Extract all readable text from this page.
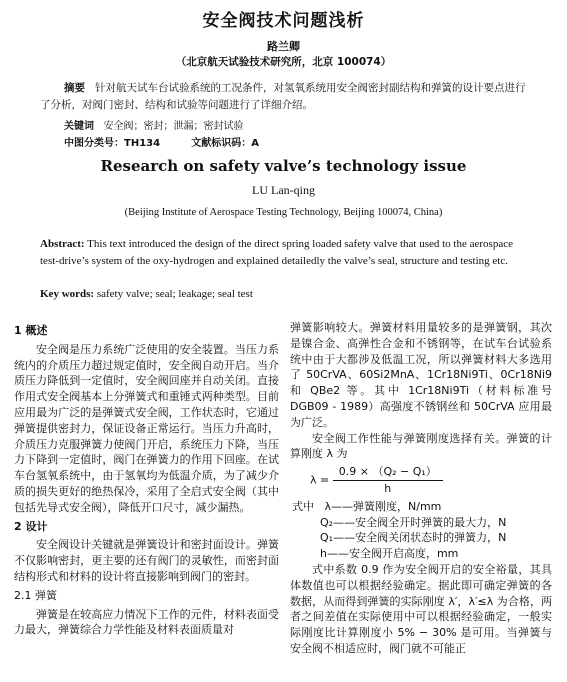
安全阀技术问题浅析
路兰卿
（北京航天试验技术研究所，北京 100074）
摘要 针对航天试车台试验系统的工况条件，对氢氧系统用安全阀密封副结构和弹簧的设计要点进行了分析，对阀门密封、结构和试验等问题进行了详细介绍。
关键词 安全阀；密封；泄漏；密封试验
中图分类号：TH134	文献标识码：A
Research on safety valve’s technology issue
LU Lan-qing
(Beijing Institute of Aerospace Testing Technology, Beijing 100074, China)
Abstract: This text introduced the design of the direct spring loaded safety valve that used to the aerospace test-drive’s system of the oxy-hydrogen and explained detailedly the valve’s seal, structure and testing etc.
Key words: safety valve; seal; leakage; seal test
1 概述

安全阀是压力系统广泛使用的安全装置。当压力系统内的介质压力超过规定值时，安全阀自动开启。当介质压力降低到一定值时，安全阀回座并自动关闭。直接作用式安全阀基本上分弹簧式和重锤式两种类型。目前应用最为广泛的是弹簧式安全阀，工作状态时，它通过弹簧提供密封力，保证设备正常运行。当压力升高时，介质压力克服弹簧力使阀门开启，系统压力下降，当压力下降到一定值时，阀门在弹簧力的作用下回座。在试车台氢氧系统中，由于氢氧均为低温介质，为了减少介质的损失更好的绝热保冷，采用了全启式安全阀（其中包括先导式安全阀），降低开口尺寸，减少漏热。

2 设计

安全阀设计关键就是弹簧设计和密封面设计。弹簧不仅影响密封，更主要的还有阀门的灵敏性，而密封面结构形式和材料的设计将直接影响到阀门的密封。

2.1 弹簧

弹簧是在较高应力情况下工作的元件，材料表面受力最大，弹簧综合力学性能及材料表面质量对

弹簧影响较大。弹簧材料用量较多的是弹簧钢，其次是镍合金、高弹性合金和不锈钢等，在试车台试验系统中由于大都涉及低温工况，所以弹簧材料大多选用了 50CrVA、60Si2MnA、1Cr18Ni9Ti、0Cr18Ni9 和 QBe2 等。其中 1Cr18Ni9Ti（材料标准号 DGB09 - 1989）高强度不锈钢丝和 50CrVA 应用最为广泛。

安全阀工作性能与弹簧刚度选择有关。弹簧的计算刚度 λ 为

$\lambda = \frac{\text{0.9 × （Q₂ − Q₁）}}{h}$
式中 λ——弹簧刚度，N/mm
Q₂——安全阀全开时弹簧的最大力，N
Q₁——安全阀关闭状态时的弹簧力，N
h——安全阀开启高度，mm

式中系数 0.9 作为安全阀开启的安全裕量，其具体数值也可以根据经验确定。据此即可确定弹簧的各数据，从而得到弹簧的实际刚度 λ′，λ′≤λ 为合格，两者之间差值在实际使用中可以根据经验确定，一般实际刚度比计算刚度小 5% − 30% 是可用。当弹簧与安全阀不相适应时，阀门就不可能正
